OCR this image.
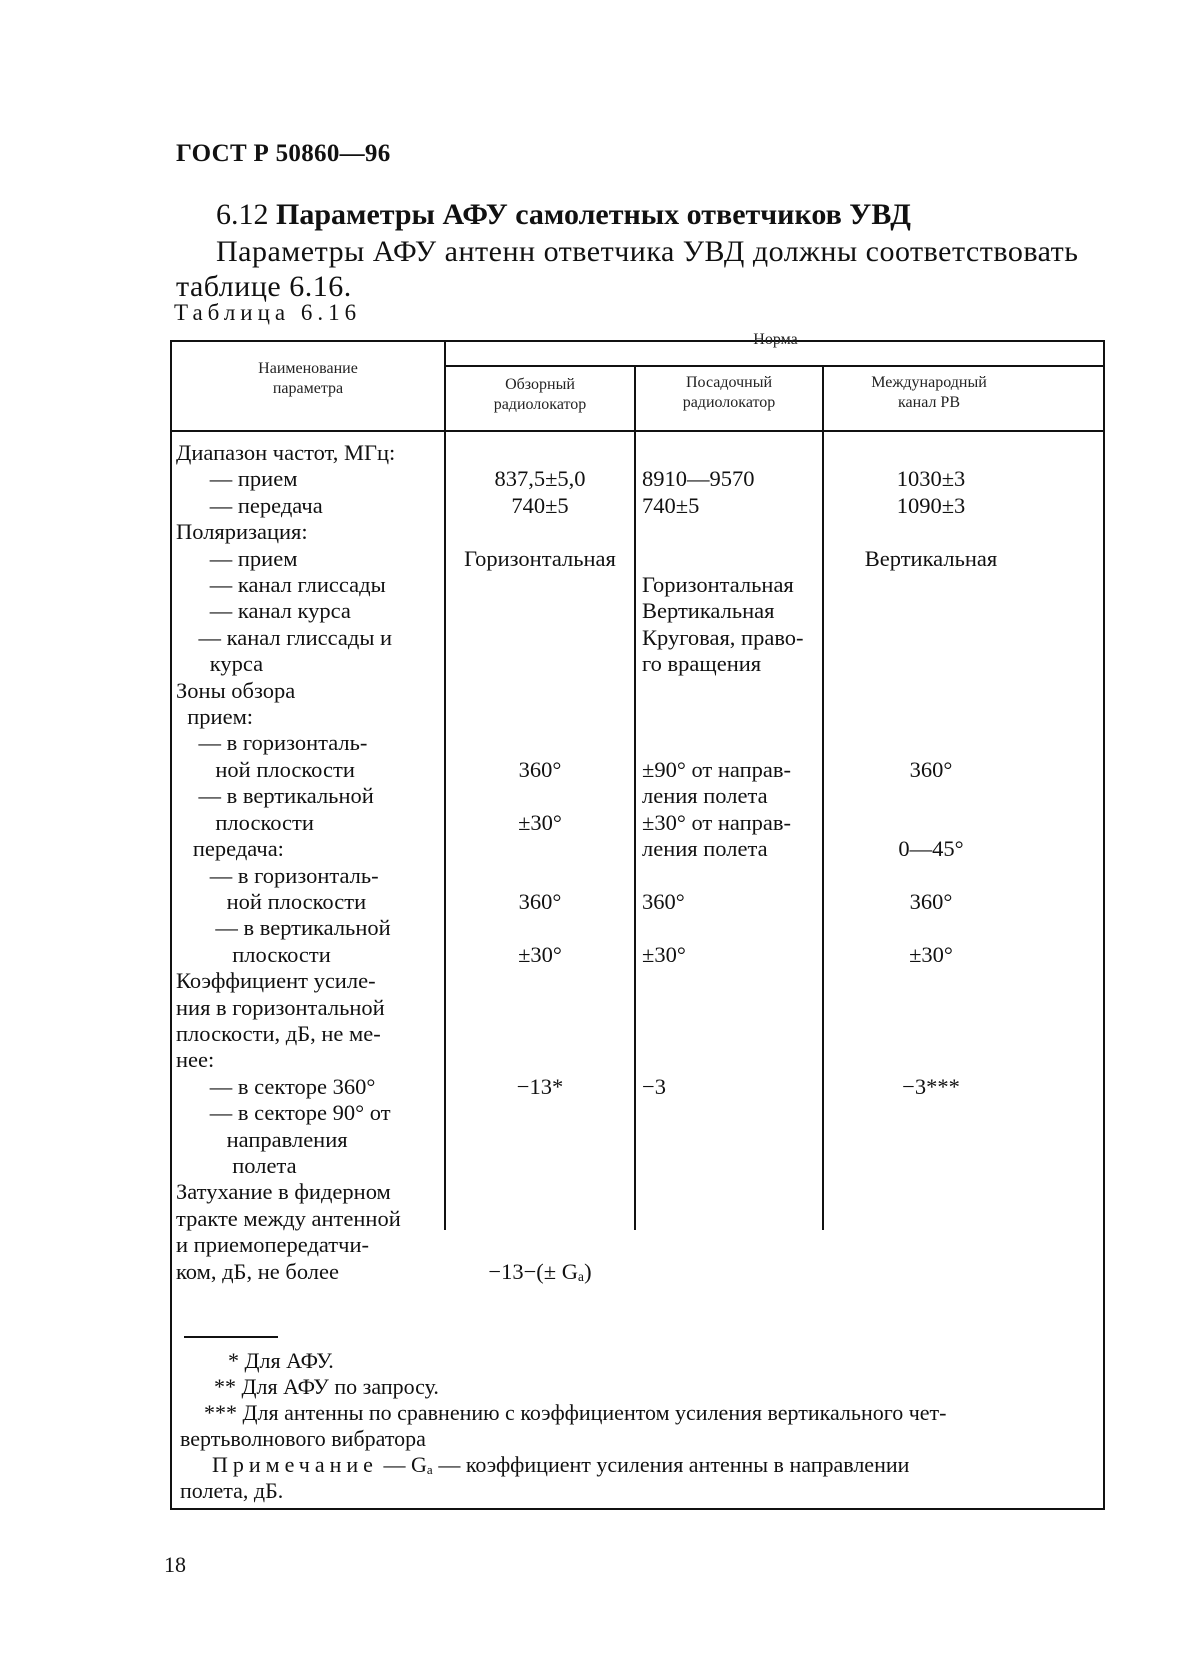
ГОСТ Р 50860—96
6.12 Параметры АФУ самолетных ответчиков УВД
Параметры АФУ антенн ответчика УВД должны соответствовать таблице 6.16.
Таблица 6.16
Наименование
параметра
Норма
Обзорный
радиолокатор
Посадочный
радиолокатор
Международный
канал РВ
Диапазон частот, МГц:
— прием
— передача
Поляризация:
— прием
— канал глиссады
— канал курса
— канал глиссады и
курса
Зоны обзора
прием:
— в горизонталь-
ной плоскости
— в вертикальной
плоскости
передача:
— в горизонталь-
ной плоскости
— в вертикальной
плоскости
Коэффициент усиле-
ния в горизонтальной
плоскости, дБ, не ме-
нее:
— в секторе 360°
— в секторе 90° от
направления
полета
Затухание в фидерном
тракте между антенной
и приемопередатчи-
ком, дБ, не более

837,5±5,0
740±5

Горизонтальная

360°

±30°

360°

±30°

−13*

−13−(± Gₐ)

8910—9570
740±5

Горизонтальная
Вертикальная
Круговая, право-
го вращения

±90° от направ-
ления полета
±30° от направ-
ления полета

360°

±30°

−3

1030±3
1090±3

Вертикальная

360°

0—45°

360°

±30°

−3***

* Для АФУ.
** Для АФУ по запросу.
*** Для антенны по сравнению с коэффициентом усиления вертикального чет-
вертьволнового вибратора
Примечание — Gₐ — коэффициент усиления антенны в направлении
полета, дБ.
18
